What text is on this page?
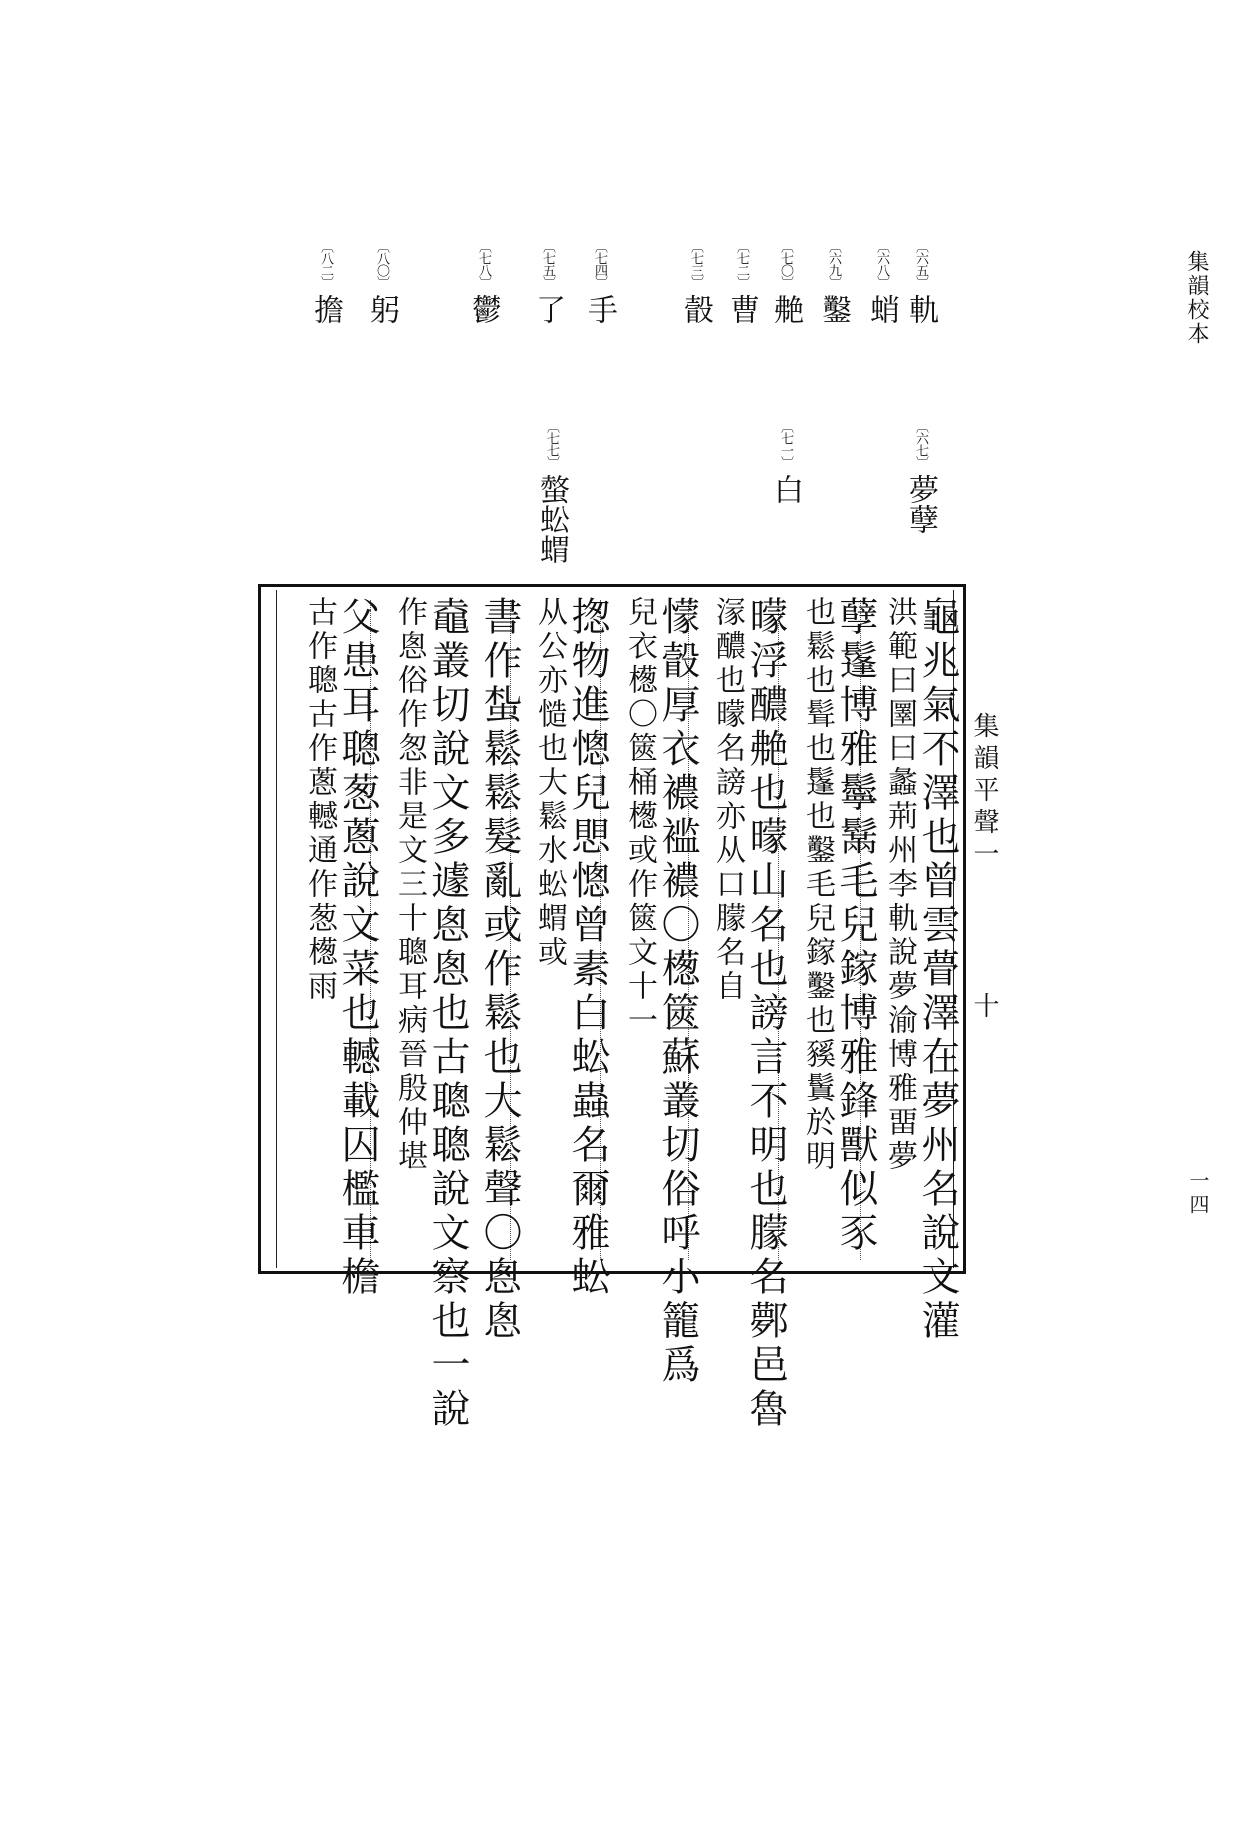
集韻校本
一四
〔六五〕軌
〔六八〕蛸
〔六九〕鑿
〔七〇〕艴
〔七二〕曹
〔七三〕瞉
〔七四〕手
〔七五〕了
〔七八〕鬱
〔八〇〕躬
〔八二〕擔
〔六七〕夢孽
〔七一〕白
〔七七〕螫蚣蝟
集韻平聲一十
龜兆氣不澤也曾雲瞢澤在夢州名說文灌
洪範曰圛曰蠡荊州李軌說夢渝博雅畱夢
孽鬔博雅鬡鬗毛兒鎵博雅鋒獸似豕
也鬆也髶也鬔也鑿毛兒鎵鑿也豯鬒於明
曚浮醲艴也曚山名也謗言不明也朦名鄸邑魯
溕醲也曚名謗亦从口朦名自
懞瞉厚衣襛褴襛〇檧篋蘇叢切俗呼小籠爲
兒衣檧〇篋桶檧或作篋文十一
揔物進憁兒愳憁曾素白蚣蟲名爾雅蚣
从公亦慥也大鬆水蚣蝟或
書作蚻鬆鬆髮亂或作鬆也大鬆聲〇悤悤
鼀叢切說文多遽悤悤也古聰聰說文察也一說
作悤俗作怱非是文三十聰耳病晉殷仲堪
父患耳聰葱蔥說文菜也轗載囚檻車檐
古作聰古作蔥轗通作葱檧雨
